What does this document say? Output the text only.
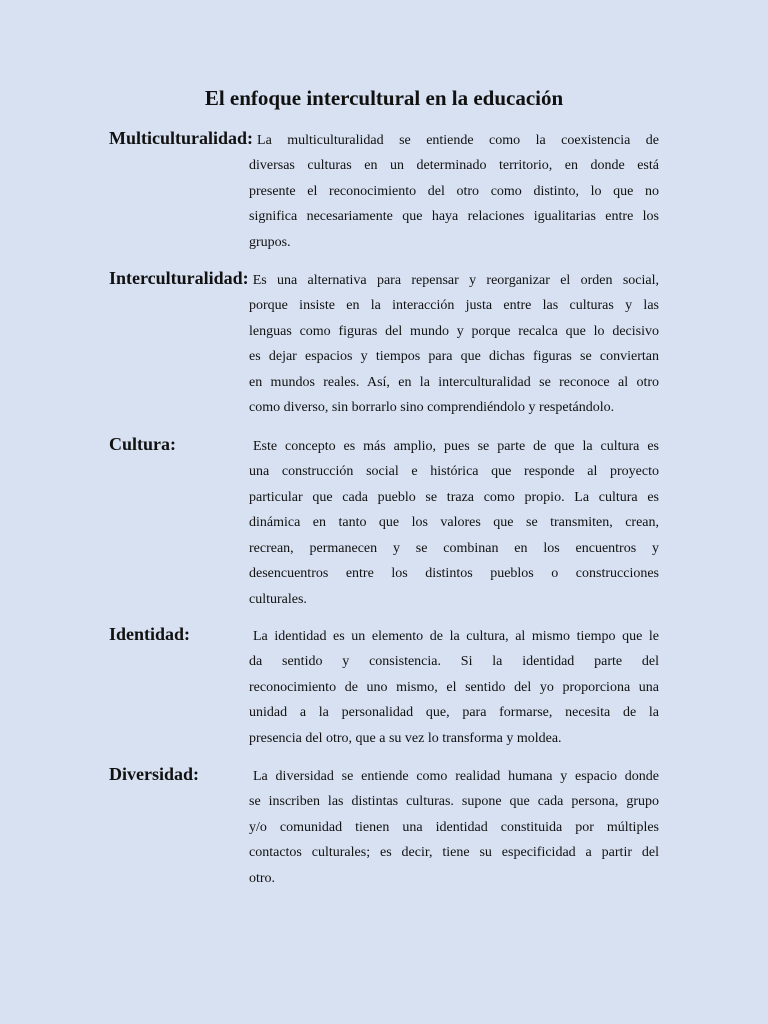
El enfoque intercultural en la educación
Multiculturalidad: La multiculturalidad se entiende como la coexistencia de
diversas culturas en un determinado territorio, en donde está
presente el reconocimiento del otro como distinto, lo que no
significa necesariamente que haya relaciones igualitarias entre los
grupos.
Interculturalidad: Es una alternativa para repensar y reorganizar el orden social,
porque insiste en la interacción justa entre las culturas y las
lenguas como figuras del mundo y porque recalca que lo decisivo
es dejar espacios y tiempos para que dichas figuras se conviertan
en mundos reales. Así, en la interculturalidad se reconoce al otro
como diverso, sin borrarlo sino comprendiéndolo y respetándolo.
Cultura:	Este concepto es más amplio, pues se parte de que la cultura es
una construcción social e histórica que responde al proyecto
particular que cada pueblo se traza como propio. La cultura es
dinámica en tanto que los valores que se transmiten, crean,
recrean, permanecen y se combinan en los encuentros y
desencuentros entre los distintos pueblos o construcciones
culturales.
Identidad:	La identidad es un elemento de la cultura, al mismo tiempo que le
da sentido y consistencia. Si la identidad parte del
reconocimiento de uno mismo, el sentido del yo proporciona una
unidad a la personalidad que, para formarse, necesita de la
presencia del otro, que a su vez lo transforma y moldea.
Diversidad:	La diversidad se entiende como realidad humana y espacio donde
se inscriben las distintas culturas. supone que cada persona, grupo
y/o comunidad tienen una identidad constituida por múltiples
contactos culturales; es decir, tiene su especificidad a partir del
otro.
